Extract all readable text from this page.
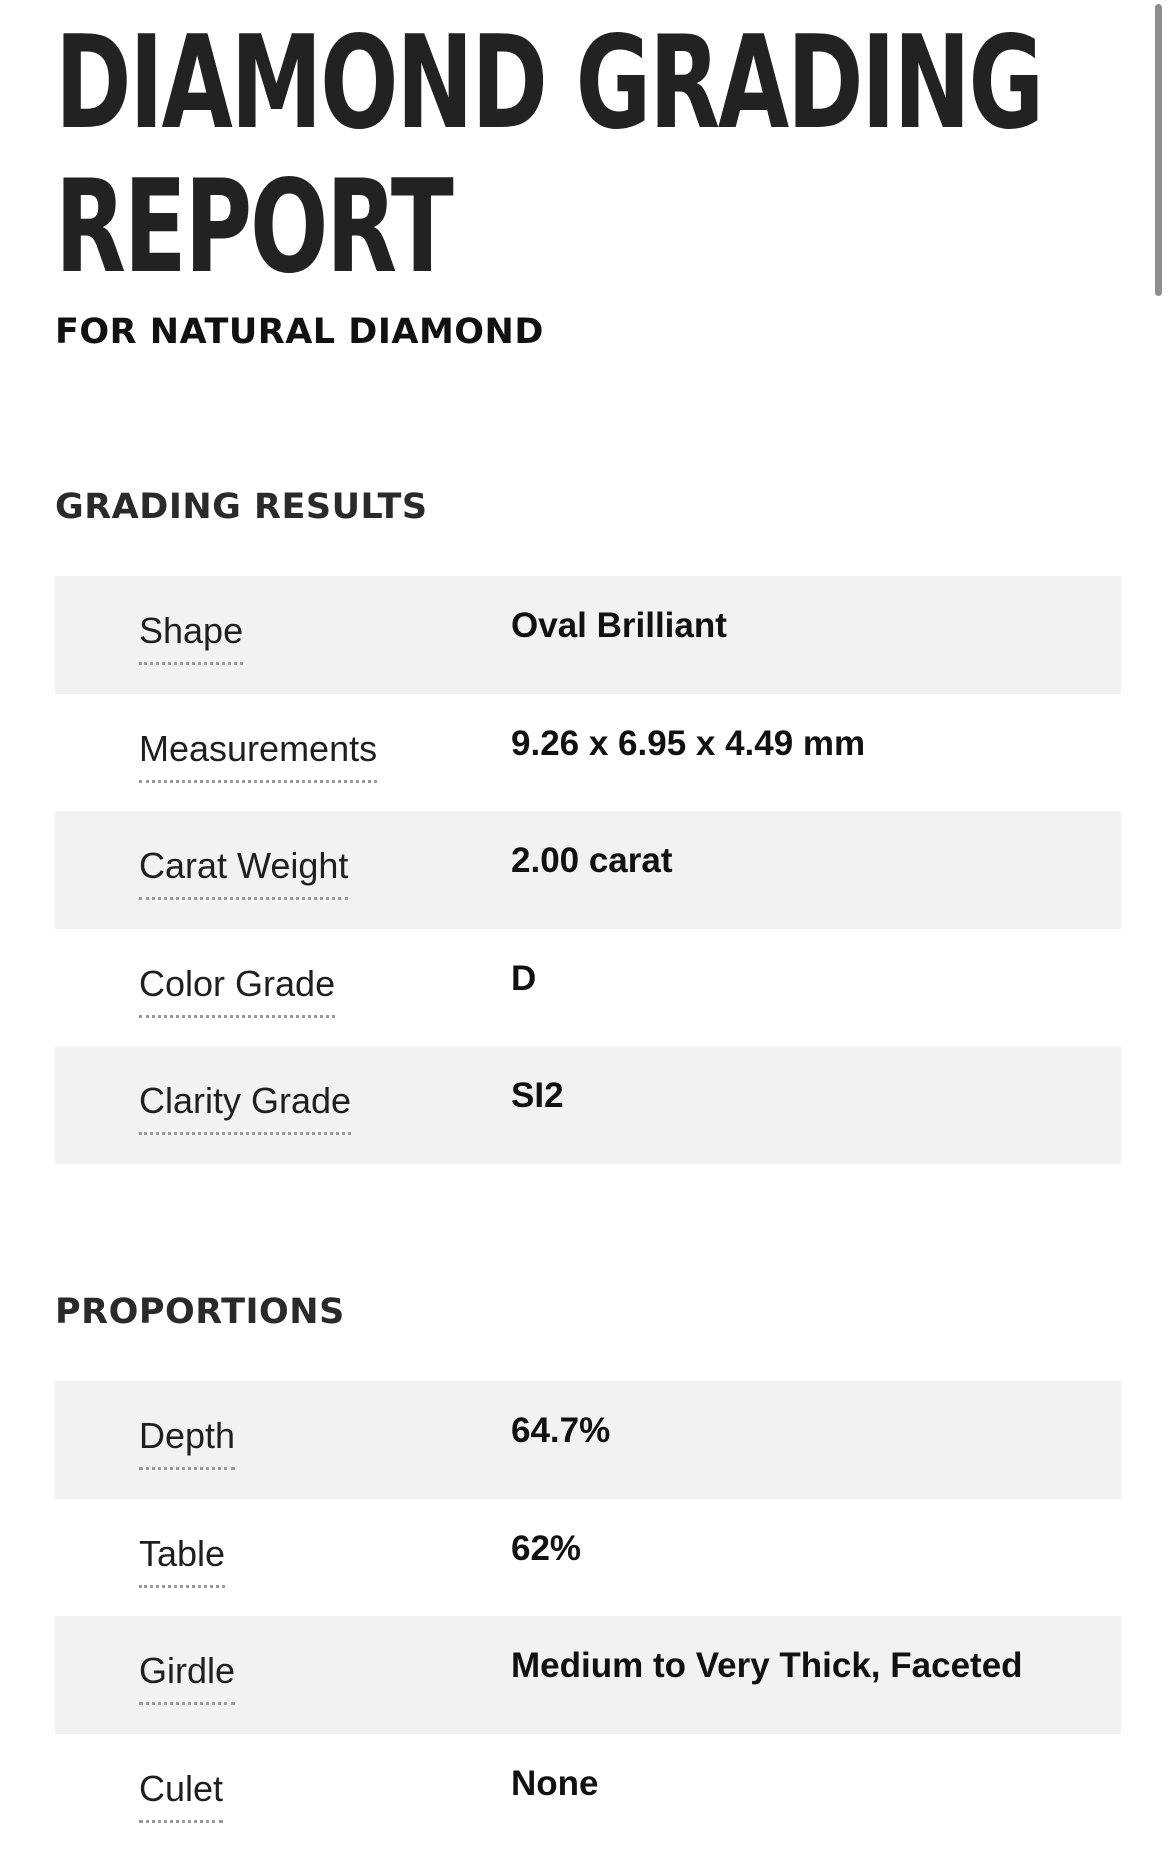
DIAMOND GRADING
REPORT
FOR NATURAL DIAMOND
GRADING RESULTS
Shape	Oval Brilliant
Measurements	9.26 x 6.95 x 4.49 mm
Carat Weight	2.00 carat
Color Grade	D
Clarity Grade	SI2
PROPORTIONS
Depth	64.7%
Table	62%
Girdle	Medium to Very Thick, Faceted
Culet	None
